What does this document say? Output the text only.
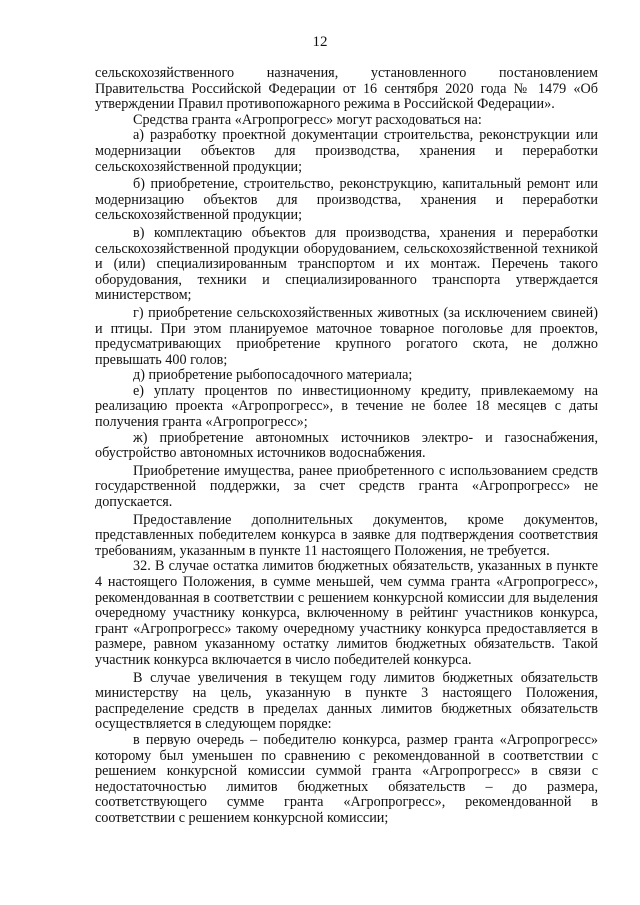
12

сельскохозяйственного назначения, установленного постановлением Правительства Российской Федерации от 16 сентября 2020 года № 1479 «Об утверждении Правил противопожарного режима в Российской Федерации».

Средства гранта «Агропрогресс» могут расходоваться на:

а) разработку проектной документации строительства, реконструкции или модернизации объектов для производства, хранения и переработки сельскохозяйственной продукции;

б) приобретение, строительство, реконструкцию, капитальный ремонт или модернизацию объектов для производства, хранения и переработки сельскохозяйственной продукции;

в) комплектацию объектов для производства, хранения и переработки сельскохозяйственной продукции оборудованием, сельскохозяйственной техникой и (или) специализированным транспортом и их монтаж. Перечень такого оборудования, техники и специализированного транспорта утверждается министерством;

г) приобретение сельскохозяйственных животных (за исключением свиней) и птицы. При этом планируемое маточное товарное поголовье для проектов, предусматривающих приобретение крупного рогатого скота, не должно превышать 400 голов;

д) приобретение рыбопосадочного материала;

е) уплату процентов по инвестиционному кредиту, привлекаемому на реализацию проекта «Агропрогресс», в течение не более 18 месяцев с даты получения гранта «Агропрогресс»;

ж) приобретение автономных источников электро- и газоснабжения, обустройство автономных источников водоснабжения.

Приобретение имущества, ранее приобретенного с использованием средств государственной поддержки, за счет средств гранта «Агропрогресс» не допускается.

Предоставление дополнительных документов, кроме документов, представленных победителем конкурса в заявке для подтверждения соответствия требованиям, указанным в пункте 11 настоящего Положения, не требуется.

32. В случае остатка лимитов бюджетных обязательств, указанных в пункте 4 настоящего Положения, в сумме меньшей, чем сумма гранта «Агропрогресс», рекомендованная в соответствии с решением конкурсной комиссии для выделения очередному участнику конкурса, включенному в рейтинг участников конкурса, грант «Агропрогресс» такому очередному участнику конкурса предоставляется в размере, равном указанному остатку лимитов бюджетных обязательств. Такой участник конкурса включается в число победителей конкурса.

В случае увеличения в текущем году лимитов бюджетных обязательств министерству на цель, указанную в пункте 3 настоящего Положения, распределение средств в пределах данных лимитов бюджетных обязательств осуществляется в следующем порядке:

в первую очередь – победителю конкурса, размер гранта «Агропрогресс» которому был уменьшен по сравнению с рекомендованной в соответствии с решением конкурсной комиссии суммой гранта «Агропрогресс» в связи с недостаточностью лимитов бюджетных обязательств – до размера, соответствующего сумме гранта «Агропрогресс», рекомендованной в соответствии с решением конкурсной комиссии;
